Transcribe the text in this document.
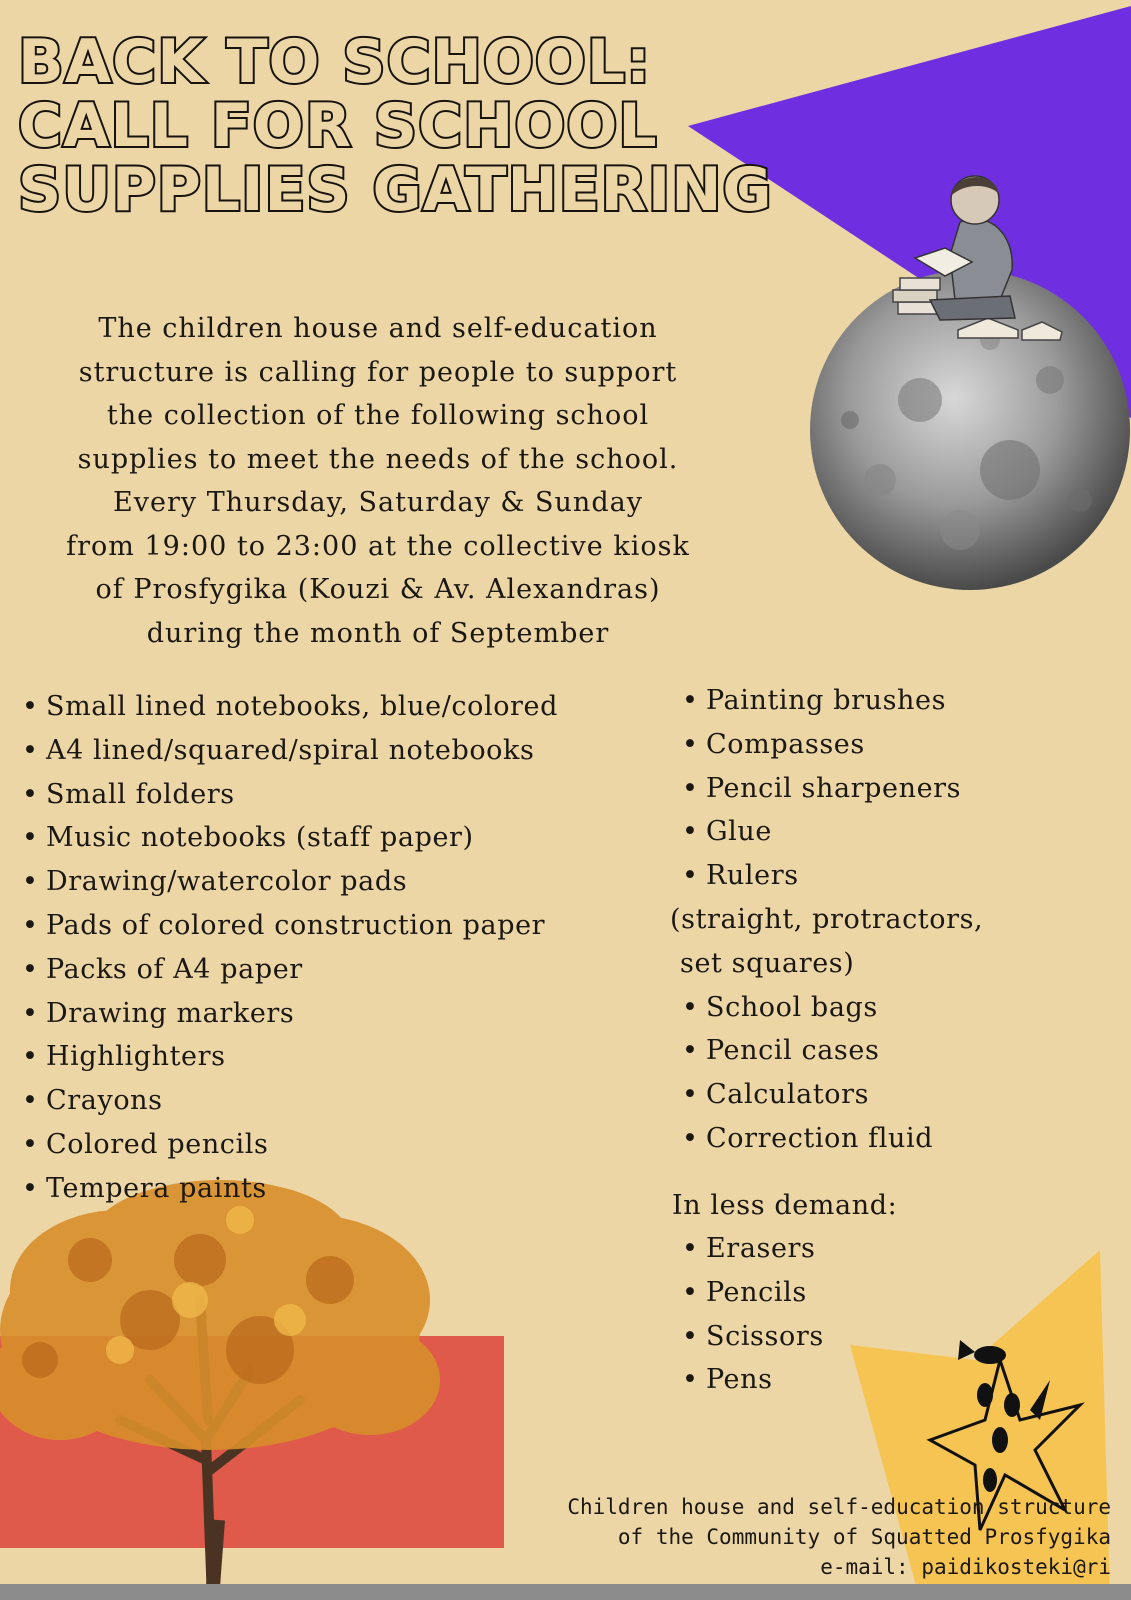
BACK TO SCHOOL:
CALL FOR SCHOOL
SUPPLIES GATHERING
The children house and self-education
structure is calling for people to support
the collection of the following school
supplies to meet the needs of the school.
Every Thursday, Saturday & Sunday
from 19:00 to 23:00 at the collective kiosk
of Prosfygika (Kouzi & Av. Alexandras)
during the month of September
• Small lined notebooks, blue/colored
• A4 lined/squared/spiral notebooks
• Small folders
• Music notebooks (staff paper)
• Drawing/watercolor pads
• Pads of colored construction paper
• Packs of A4 paper
• Drawing markers
• Highlighters
• Crayons
• Colored pencils
• Tempera paints
• Painting brushes
• Compasses
• Pencil sharpeners
• Glue
• Rulers
(straight, protractors,
set squares)
• School bags
• Pencil cases
• Calculators
• Correction fluid
In less demand:
• Erasers
• Pencils
• Scissors
• Pens
Children house and self-education structure
of the Community of Squatted Prosfygika
e-mail: paidikosteki@ri
